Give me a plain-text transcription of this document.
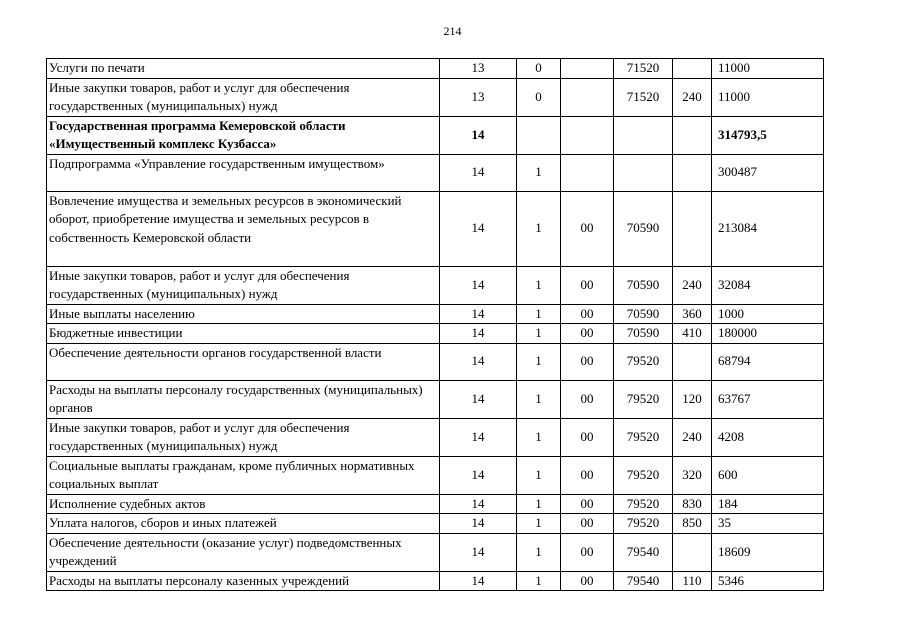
214
Услуги по печати	13	0		71520		11000
Иные закупки товаров, работ и услуг для обеспечения государственных (муниципальных) нужд	13	0		71520	240	11000
Государственная программа Кемеровской области «Имущественный комплекс Кузбасса»	14					314793,5
Подпрограмма «Управление государственным имуществом»	14	1				300487
Вовлечение имущества и земельных ресурсов в экономический оборот, приобретение имущества и земельных ресурсов в собственность Кемеровской области	14	1	00	70590		213084
Иные закупки товаров, работ и услуг для обеспечения государственных (муниципальных) нужд	14	1	00	70590	240	32084
Иные выплаты населению	14	1	00	70590	360	1000
Бюджетные инвестиции	14	1	00	70590	410	180000
Обеспечение деятельности органов государственной власти	14	1	00	79520		68794
Расходы на выплаты персоналу государственных (муниципальных) органов	14	1	00	79520	120	63767
Иные закупки товаров, работ и услуг для обеспечения государственных (муниципальных) нужд	14	1	00	79520	240	4208
Социальные выплаты гражданам, кроме публичных нормативных социальных выплат	14	1	00	79520	320	600
Исполнение судебных актов	14	1	00	79520	830	184
Уплата налогов, сборов и иных платежей	14	1	00	79520	850	35
Обеспечение деятельности (оказание услуг) подведомственных учреждений	14	1	00	79540		18609
Расходы на выплаты персоналу казенных учреждений	14	1	00	79540	110	5346
